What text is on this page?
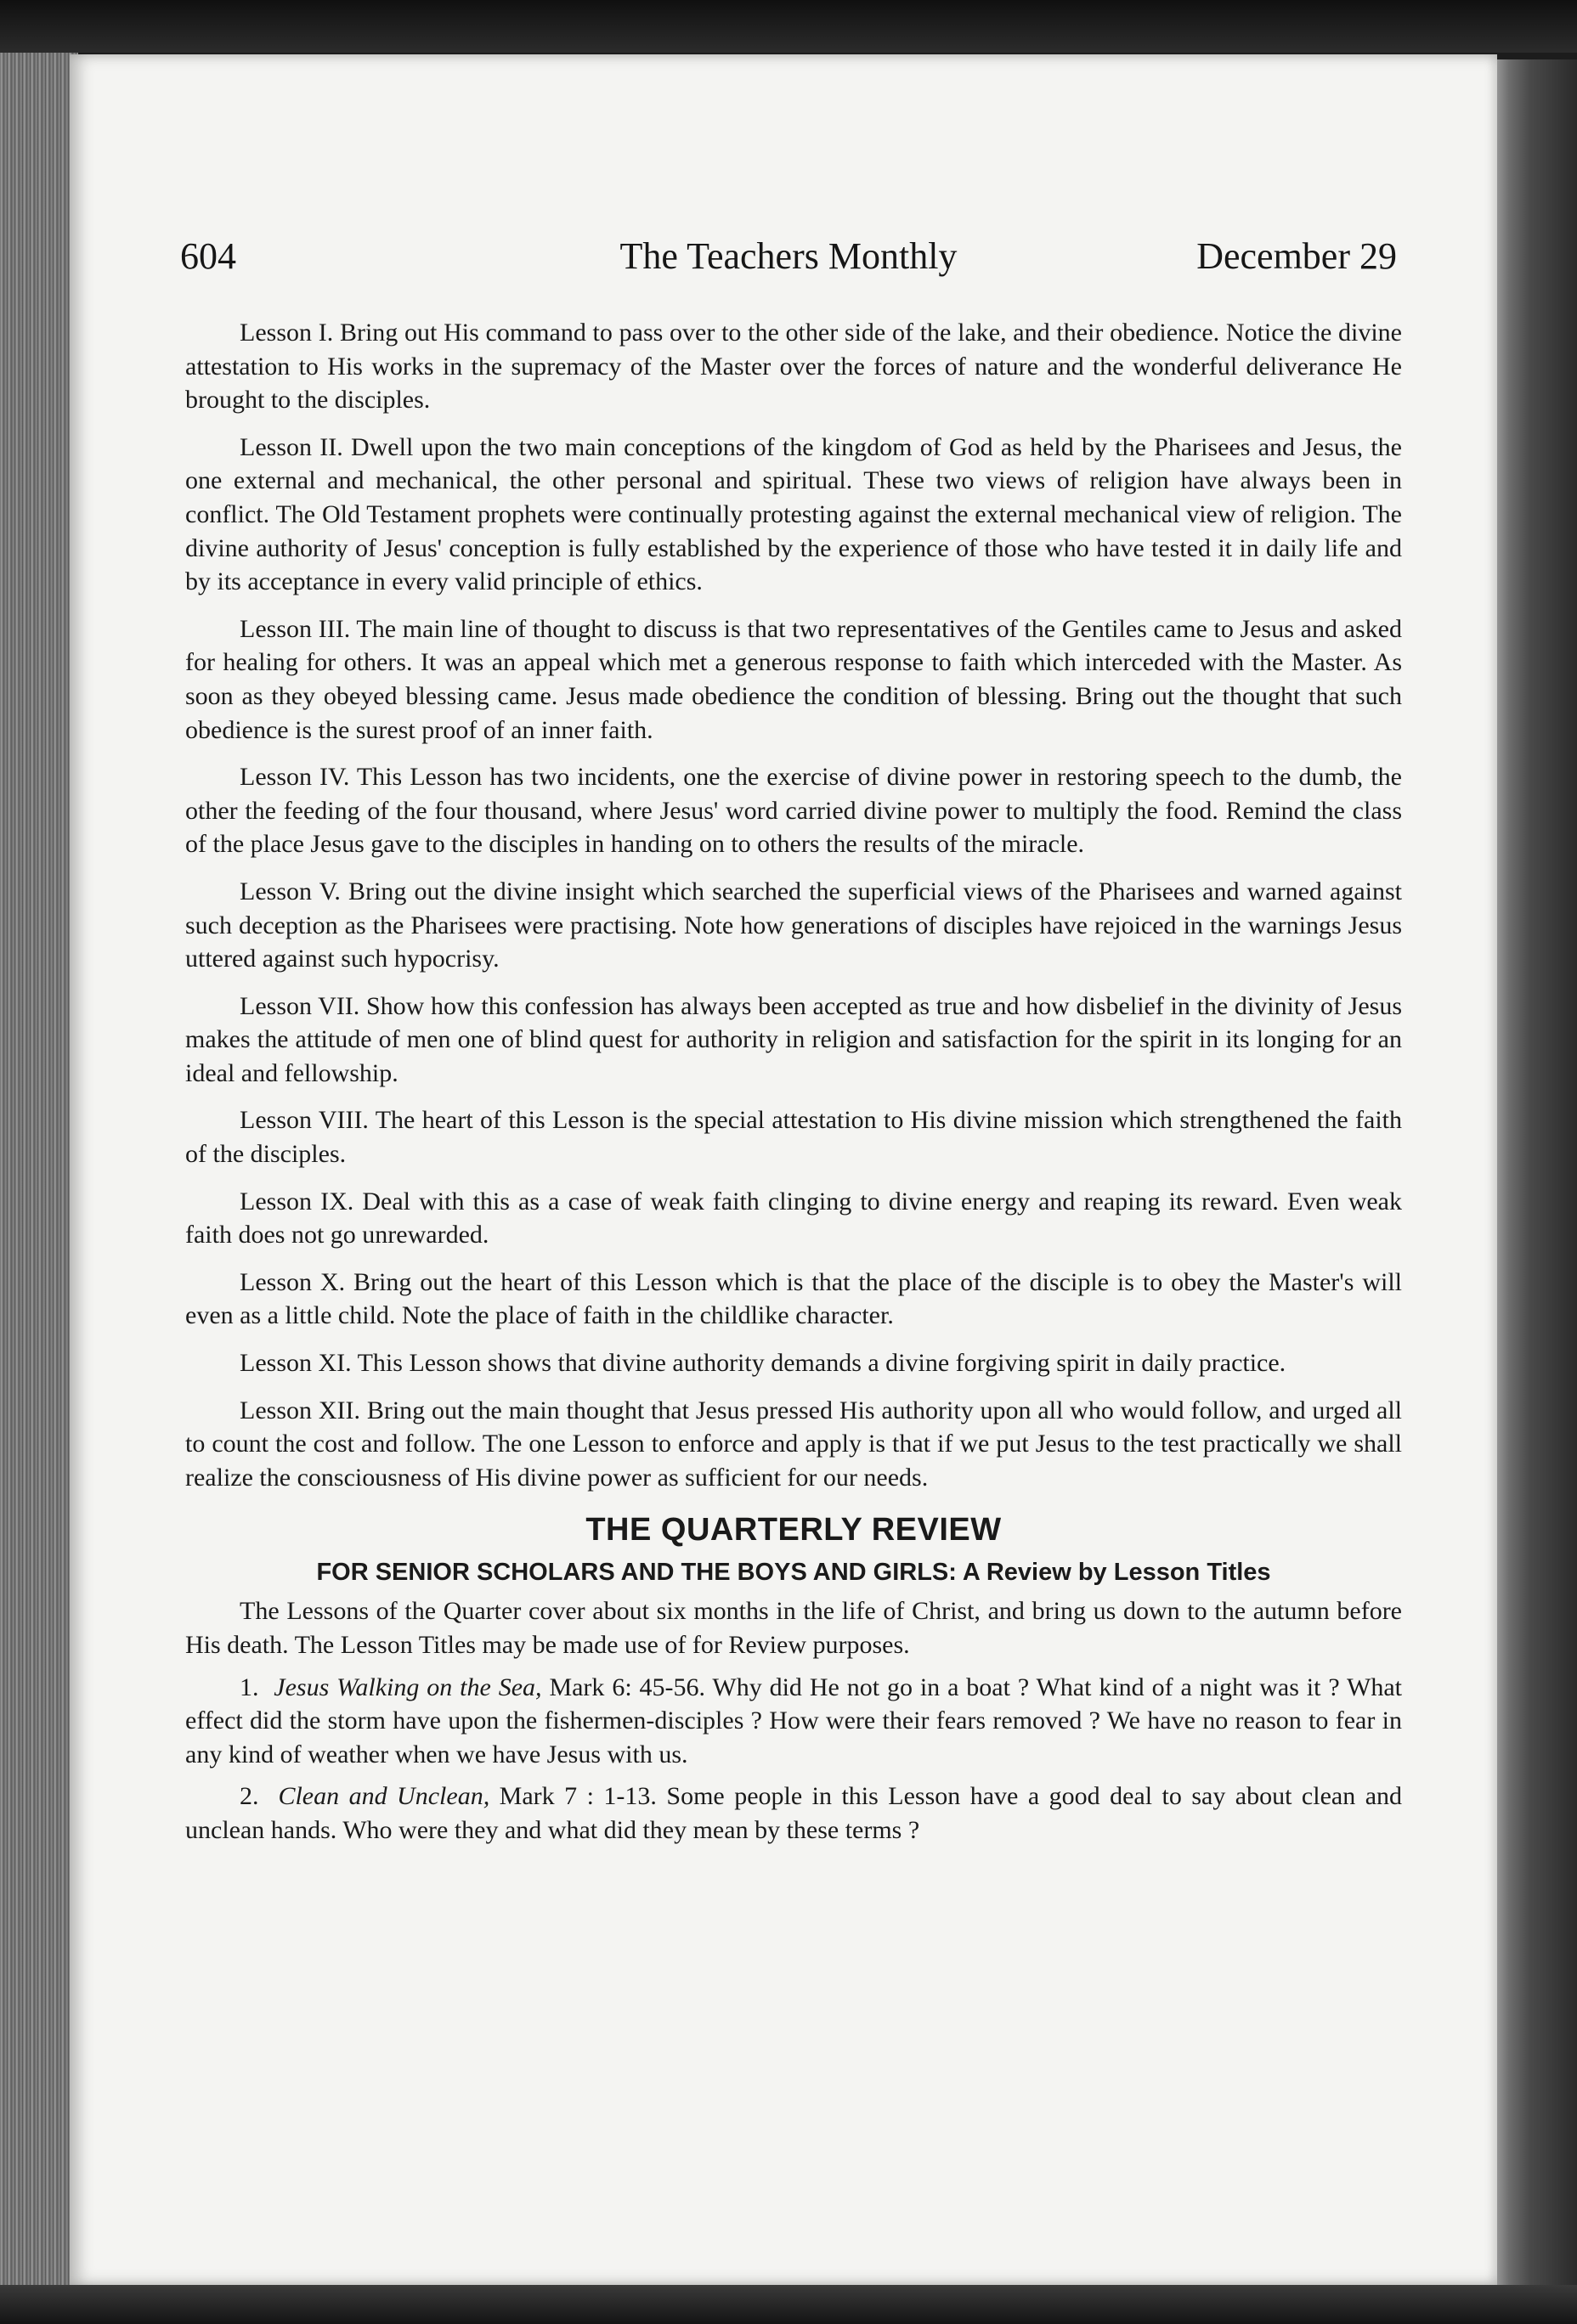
604	The Teachers Monthly	December 29

Lesson I. Bring out His command to pass over to the other side of the lake, and their obedience. Notice the divine attestation to His works in the supremacy of the Master over the forces of nature and the wonderful deliverance He brought to the disciples.

Lesson II. Dwell upon the two main conceptions of the kingdom of God as held by the Pharisees and Jesus, the one external and mechanical, the other personal and spiritual. These two views of religion have always been in conflict. The Old Testament prophets were continually protesting against the external mechanical view of religion. The divine authority of Jesus' conception is fully established by the experience of those who have tested it in daily life and by its acceptance in every valid principle of ethics.

Lesson III. The main line of thought to discuss is that two representatives of the Gentiles came to Jesus and asked for healing for others. It was an appeal which met a generous response to faith which interceded with the Master. As soon as they obeyed blessing came. Jesus made obedience the condition of blessing. Bring out the thought that such obedience is the surest proof of an inner faith.

Lesson IV. This Lesson has two incidents, one the exercise of divine power in restoring speech to the dumb, the other the feeding of the four thousand, where Jesus' word carried divine power to multiply the food. Remind the class of the place Jesus gave to the disciples in handing on to others the results of the miracle.

Lesson V. Bring out the divine insight which searched the superficial views of the Pharisees and warned against such deception as the Pharisees were practising. Note how generations of disciples have rejoiced in the warnings Jesus uttered against such hypocrisy.

Lesson VII. Show how this confession has always been accepted as true and how disbelief in the divinity of Jesus makes the attitude of men one of blind quest for authority in religion and satisfaction for the spirit in its longing for an ideal and fellowship.

Lesson VIII. The heart of this Lesson is the special attestation to His divine mission which strengthened the faith of the disciples.

Lesson IX. Deal with this as a case of weak faith clinging to divine energy and reaping its reward. Even weak faith does not go unrewarded.

Lesson X. Bring out the heart of this Lesson which is that the place of the disciple is to obey the Master's will even as a little child. Note the place of faith in the childlike character.

Lesson XI. This Lesson shows that divine authority demands a divine forgiving spirit in daily practice.

Lesson XII. Bring out the main thought that Jesus pressed His authority upon all who would follow, and urged all to count the cost and follow. The one Lesson to enforce and apply is that if we put Jesus to the test practically we shall realize the consciousness of His divine power as sufficient for our needs.

THE QUARTERLY REVIEW
FOR SENIOR SCHOLARS AND THE BOYS AND GIRLS: A Review by Lesson Titles

The Lessons of the Quarter cover about six months in the life of Christ, and bring us down to the autumn before His death. The Lesson Titles may be made use of for Review purposes.

1. Jesus Walking on the Sea, Mark 6: 45-56. Why did He not go in a boat ? What kind of a night was it ? What effect did the storm have upon the fishermen-disciples ? How were their fears removed ? We have no reason to fear in any kind of weather when we have Jesus with us.

2. Clean and Unclean, Mark 7 : 1-13. Some people in this Lesson have a good deal to say about clean and unclean hands. Who were they and what did they mean by these terms ?
